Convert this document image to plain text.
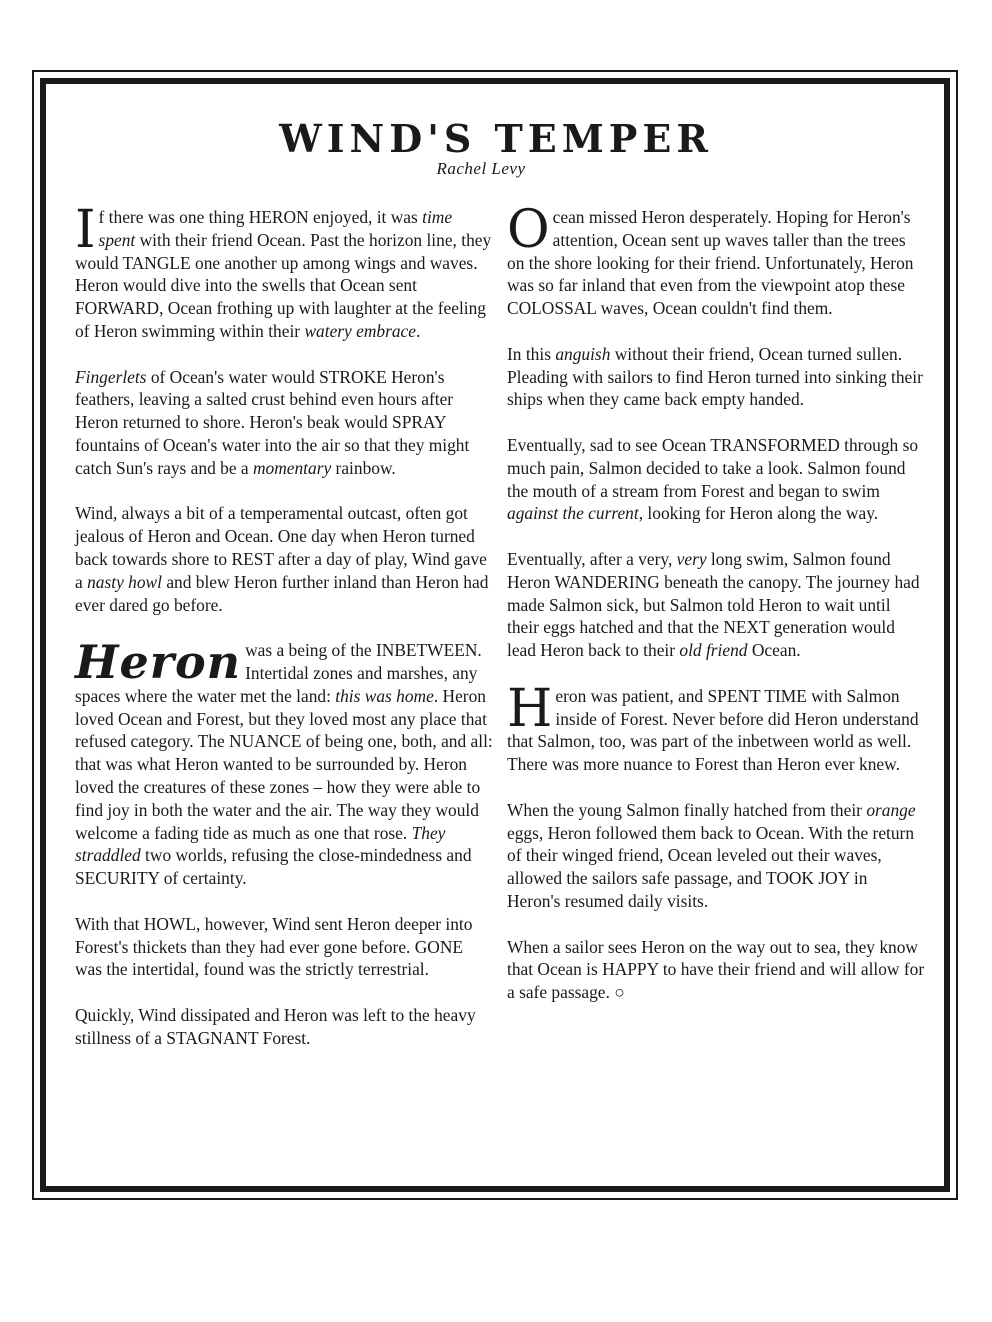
WIND'S TEMPER
Rachel Levy

If there was one thing HERON enjoyed, it was time spent with their friend Ocean. Past the horizon line, they would TANGLE one another up among wings and waves. Heron would dive into the swells that Ocean sent FORWARD, Ocean frothing up with laughter at the feeling of Heron swimming within their watery embrace.

Fingerlets of Ocean's water would STROKE Heron's feathers, leaving a salted crust behind even hours after Heron returned to shore. Heron's beak would SPRAY fountains of Ocean's water into the air so that they might catch Sun's rays and be a momentary rainbow.

Wind, always a bit of a temperamental outcast, often got jealous of Heron and Ocean. One day when Heron turned back towards shore to REST after a day of play, Wind gave a nasty howl and blew Heron further inland than Heron had ever dared go before.

Heron was a being of the INBETWEEN. Intertidal zones and marshes, any spaces where the water met the land: this was home. Heron loved Ocean and Forest, but they loved most any place that refused category. The NUANCE of being one, both, and all: that was what Heron wanted to be surrounded by. Heron loved the creatures of these zones – how they were able to find joy in both the water and the air. The way they would welcome a fading tide as much as one that rose. They straddled two worlds, refusing the close-mindedness and SECURITY of certainty.

With that HOWL, however, Wind sent Heron deeper into Forest's thickets than they had ever gone before. GONE was the intertidal, found was the strictly terrestrial.

Quickly, Wind dissipated and Heron was left to the heavy stillness of a STAGNANT Forest.

Ocean missed Heron desperately. Hoping for Heron's attention, Ocean sent up waves taller than the trees on the shore looking for their friend. Unfortunately, Heron was so far inland that even from the viewpoint atop these COLOSSAL waves, Ocean couldn't find them.

In this anguish without their friend, Ocean turned sullen. Pleading with sailors to find Heron turned into sinking their ships when they came back empty handed.

Eventually, sad to see Ocean TRANSFORMED through so much pain, Salmon decided to take a look. Salmon found the mouth of a stream from Forest and began to swim against the current, looking for Heron along the way.

Eventually, after a very, very long swim, Salmon found Heron WANDERING beneath the canopy. The journey had made Salmon sick, but Salmon told Heron to wait until their eggs hatched and that the NEXT generation would lead Heron back to their old friend Ocean.

Heron was patient, and SPENT TIME with Salmon inside of Forest. Never before did Heron understand that Salmon, too, was part of the inbetween world as well. There was more nuance to Forest than Heron ever knew.

When the young Salmon finally hatched from their orange eggs, Heron followed them back to Ocean. With the return of their winged friend, Ocean leveled out their waves, allowed the sailors safe passage, and TOOK JOY in Heron's resumed daily visits.

When a sailor sees Heron on the way out to sea, they know that Ocean is HAPPY to have their friend and will allow for a safe passage. ○
